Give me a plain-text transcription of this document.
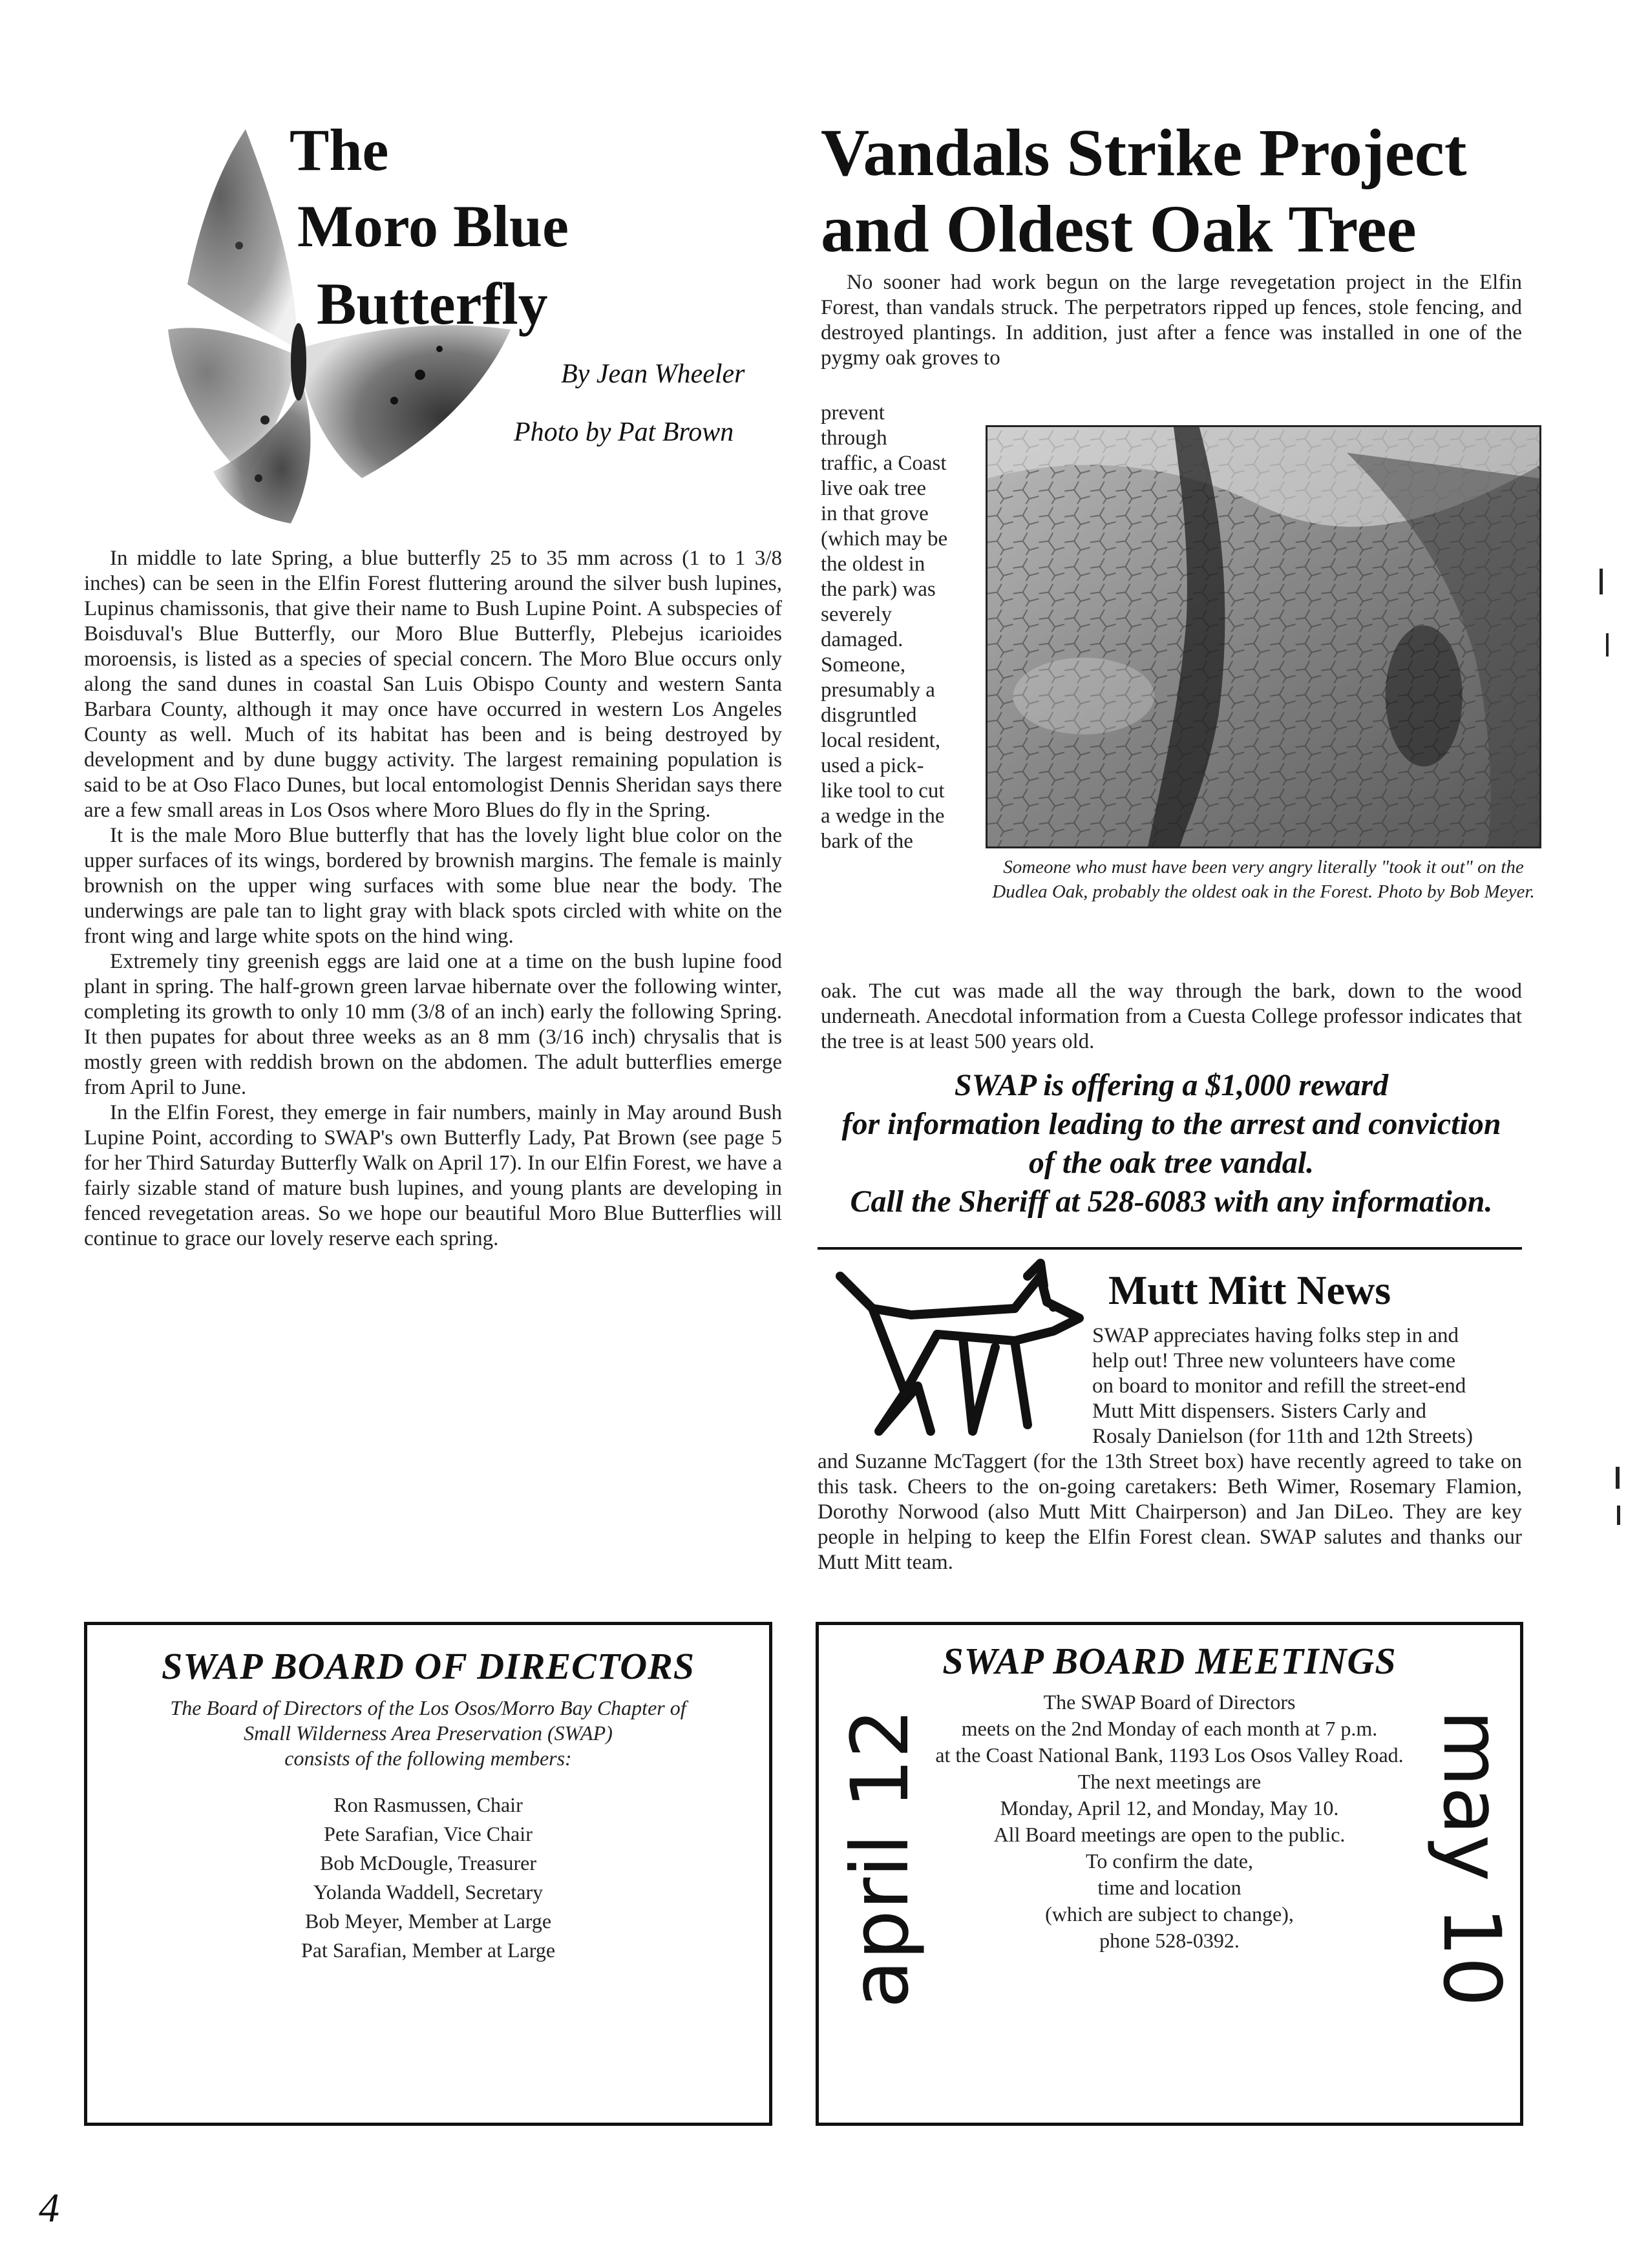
The
Moro Blue
Butterfly
By Jean Wheeler
Photo by Pat Brown

In middle to late Spring, a blue butterfly 25 to 35 mm across (1 to 1 3/8 inches) can be seen in the Elfin Forest fluttering around the silver bush lupines, Lupinus chamissonis, that give their name to Bush Lupine Point. A subspecies of Boisduval's Blue Butterfly, our Moro Blue Butterfly, Plebejus icarioides moroensis, is listed as a species of special concern. The Moro Blue occurs only along the sand dunes in coastal San Luis Obispo County and western Santa Barbara County, although it may once have occurred in western Los Angeles County as well. Much of its habitat has been and is being destroyed by development and by dune buggy activity. The largest remaining population is said to be at Oso Flaco Dunes, but local entomologist Dennis Sheridan says there are a few small areas in Los Osos where Moro Blues do fly in the Spring.

It is the male Moro Blue butterfly that has the lovely light blue color on the upper surfaces of its wings, bordered by brownish margins. The female is mainly brownish on the upper wing surfaces with some blue near the body. The underwings are pale tan to light gray with black spots circled with white on the front wing and large white spots on the hind wing.

Extremely tiny greenish eggs are laid one at a time on the bush lupine food plant in spring. The half-grown green larvae hibernate over the following winter, completing its growth to only 10 mm (3/8 of an inch) early the following Spring. It then pupates for about three weeks as an 8 mm (3/16 inch) chrysalis that is mostly green with reddish brown on the abdomen. The adult butterflies emerge from April to June.

In the Elfin Forest, they emerge in fair numbers, mainly in May around Bush Lupine Point, according to SWAP's own Butterfly Lady, Pat Brown (see page 5 for her Third Saturday Butterfly Walk on April 17). In our Elfin Forest, we have a fairly sizable stand of mature bush lupines, and young plants are developing in fenced revegetation areas. So we hope our beautiful Moro Blue Butterflies will continue to grace our lovely reserve each spring.

Vandals Strike Project
and Oldest Oak Tree

No sooner had work begun on the large revegetation project in the Elfin Forest, than vandals struck. The perpetrators ripped up fences, stole fencing, and destroyed plantings. In addition, just after a fence was installed in one of the pygmy oak groves to

prevent
through
traffic, a Coast
live oak tree
in that grove
(which may be
the oldest in
the park) was
severely
damaged.
Someone,
presumably a
disgruntled
local resident,
used a pick-
like tool to cut
a wedge in the
bark of the
Someone who must have been very angry literally "took it out" on the Dudlea Oak, probably the oldest oak in the Forest. Photo by Bob Meyer.

oak. The cut was made all the way through the bark, down to the wood underneath. Anecdotal information from a Cuesta College professor indicates that the tree is at least 500 years old.

SWAP is offering a $1,000 reward
for information leading to the arrest and conviction
of the oak tree vandal.
Call the Sheriff at 528-6083 with any information.
Mutt Mitt News
SWAP appreciates having folks step in and
help out! Three new volunteers have come
on board to monitor and refill the street-end
Mutt Mitt dispensers. Sisters Carly and
Rosaly Danielson (for 11th and 12th Streets)

and Suzanne McTaggert (for the 13th Street box) have recently agreed to take on this task. Cheers to the on-going caretakers: Beth Wimer, Rosemary Flamion, Dorothy Norwood (also Mutt Mitt Chairperson) and Jan DiLeo. They are key people in helping to keep the Elfin Forest clean. SWAP salutes and thanks our Mutt Mitt team.

SWAP BOARD OF DIRECTORS
The Board of Directors of the Los Osos/Morro Bay Chapter of
Small Wilderness Area Preservation (SWAP)
consists of the following members:
Ron Rasmussen, Chair
Pete Sarafian, Vice Chair
Bob McDougle, Treasurer
Yolanda Waddell, Secretary
Bob Meyer, Member at Large
Pat Sarafian, Member at Large	april 12	may 10
SWAP BOARD MEETINGS
The SWAP Board of Directors
meets on the 2nd Monday of each month at 7 p.m.
at the Coast National Bank, 1193 Los Osos Valley Road.
The next meetings are
Monday, April 12, and Monday, May 10.
All Board meetings are open to the public.
To confirm the date,
time and location
(which are subject to change),
phone 528-0392.
4
